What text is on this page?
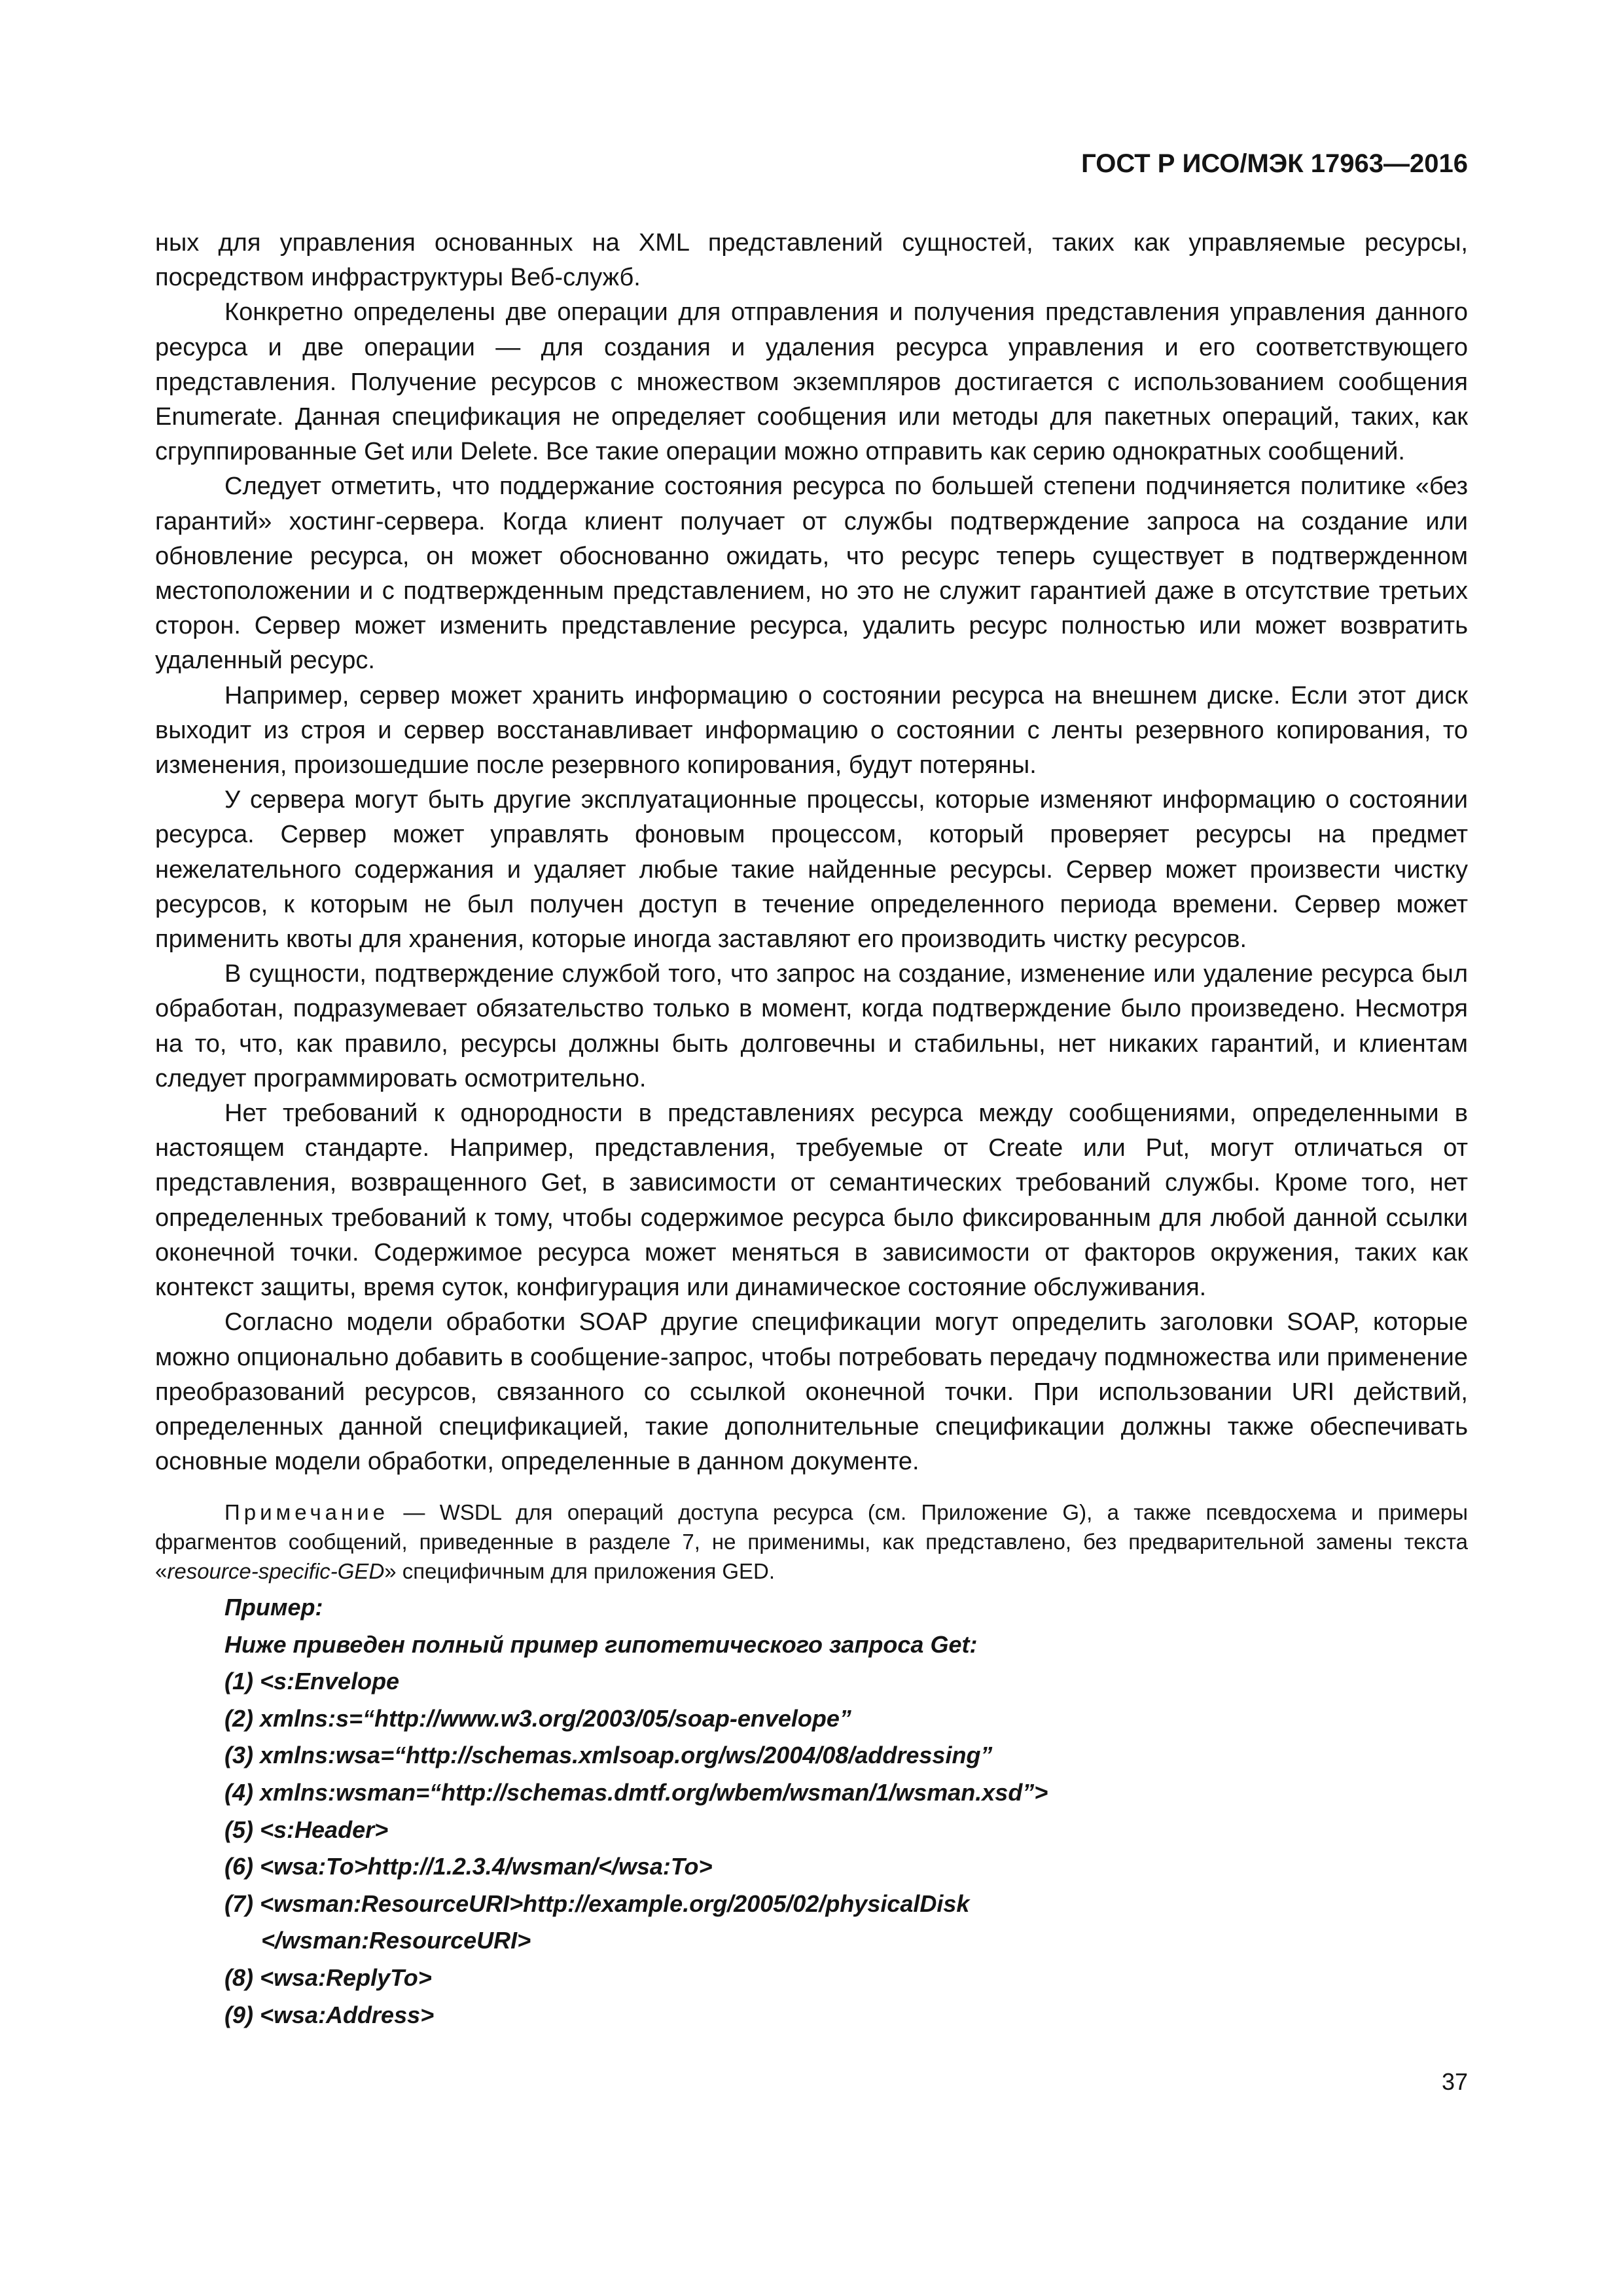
ГОСТ Р ИСО/МЭК 17963—2016

ных для управления основанных на XML представлений сущностей, таких как управляемые ресурсы, посредством инфраструктуры Веб-служб.

Конкретно определены две операции для отправления и получения представления управления данного ресурса и две операции — для создания и удаления ресурса управления и его соответствующего представления. Получение ресурсов с множеством экземпляров достигается с использованием сообщения Enumerate. Данная спецификация не определяет сообщения или методы для пакетных операций, таких, как сгруппированные Get или Delete. Все такие операции можно отправить как серию однократных сообщений.

Следует отметить, что поддержание состояния ресурса по большей степени подчиняется политике «без гарантий» хостинг-сервера. Когда клиент получает от службы подтверждение запроса на создание или обновление ресурса, он может обоснованно ожидать, что ресурс теперь существует в подтвержденном местоположении и с подтвержденным представлением, но это не служит гарантией даже в отсутствие третьих сторон. Сервер может изменить представление ресурса, удалить ресурс полностью или может возвратить удаленный ресурс.

Например, сервер может хранить информацию о состоянии ресурса на внешнем диске. Если этот диск выходит из строя и сервер восстанавливает информацию о состоянии с ленты резервного копирования, то изменения, произошедшие после резервного копирования, будут потеряны.

У сервера могут быть другие эксплуатационные процессы, которые изменяют информацию о состоянии ресурса. Сервер может управлять фоновым процессом, который проверяет ресурсы на предмет нежелательного содержания и удаляет любые такие найденные ресурсы. Сервер может произвести чистку ресурсов, к которым не был получен доступ в течение определенного периода времени. Сервер может применить квоты для хранения, которые иногда заставляют его производить чистку ресурсов.

В сущности, подтверждение службой того, что запрос на создание, изменение или удаление ресурса был обработан, подразумевает обязательство только в момент, когда подтверждение было произведено. Несмотря на то, что, как правило, ресурсы должны быть долговечны и стабильны, нет никаких гарантий, и клиентам следует программировать осмотрительно.

Нет требований к однородности в представлениях ресурса между сообщениями, определенными в настоящем стандарте. Например, представления, требуемые от Create или Put, могут отличаться от представления, возвращенного Get, в зависимости от семантических требований службы. Кроме того, нет определенных требований к тому, чтобы содержимое ресурса было фиксированным для любой данной ссылки оконечной точки. Содержимое ресурса может меняться в зависимости от факторов окружения, таких как контекст защиты, время суток, конфигурация или динамическое состояние обслуживания.

Согласно модели обработки SOAP другие спецификации могут определить заголовки SOAP, которые можно опционально добавить в сообщение-запрос, чтобы потребовать передачу подмножества или применение преобразований ресурсов, связанного со ссылкой оконечной точки. При использовании URI действий, определенных данной спецификацией, такие дополнительные спецификации должны также обеспечивать основные модели обработки, определенные в данном документе.

Примечание — WSDL для операций доступа ресурса (см. Приложение G), а также псевдосхема и примеры фрагментов сообщений, приведенные в разделе 7, не применимы, как представлено, без предварительной замены текста «resource-specific-GED» специфичным для приложения GED.

Пример:

Ниже приведен полный пример гипотетического запроса Get:

(1) <s:Envelope

(2) xmlns:s=“http://www.w3.org/2003/05/soap-envelope”

(3) xmlns:wsa=“http://schemas.xmlsoap.org/ws/2004/08/addressing”

(4) xmlns:wsman=“http://schemas.dmtf.org/wbem/wsman/1/wsman.xsd”>

(5) <s:Header>

(6) <wsa:To>http://1.2.3.4/wsman/</wsa:To>

(7) <wsman:ResourceURI>http://example.org/2005/02/physicalDisk

</wsman:ResourceURI>

(8) <wsa:ReplyTo>

(9) <wsa:Address>

37
